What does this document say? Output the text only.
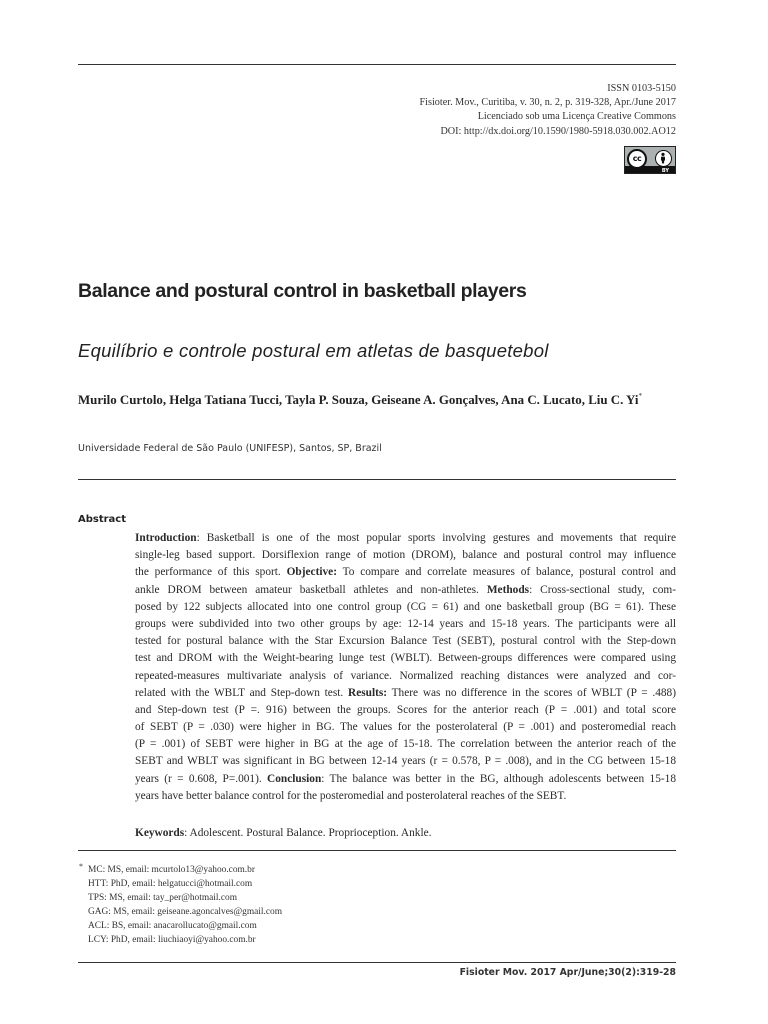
ISSN 0103-5150
Fisioter. Mov., Curitiba, v. 30, n. 2, p. 319-328, Apr./June 2017
Licenciado sob uma Licença Creative Commons
DOI: http://dx.doi.org/10.1590/1980-5918.030.002.AO12
BY
cc
Balance and postural control in basketball players
Equilíbrio e controle postural em atletas de basquetebol
Murilo Curtolo, Helga Tatiana Tucci, Tayla P. Souza, Geiseane A. Gonçalves, Ana C. Lucato, Liu C. Yi*
Universidade Federal de São Paulo (UNIFESP), Santos, SP, Brazil
Abstract
Introduction: Basketball is one of the most popular sports involving gestures and movements that require
single-leg based support. Dorsiflexion range of motion (DROM), balance and postural control may influence
the performance of this sport. Objective: To compare and correlate measures of balance, postural control and
ankle DROM between amateur basketball athletes and non-athletes. Methods: Cross-sectional study, com-
posed by 122 subjects allocated into one control group (CG = 61) and one basketball group (BG = 61). These
groups were subdivided into two other groups by age: 12-14 years and 15-18 years. The participants were all
tested for postural balance with the Star Excursion Balance Test (SEBT), postural control with the Step-down
test and DROM with the Weight-bearing lunge test (WBLT). Between-groups differences were compared using
repeated-measures multivariate analysis of variance. Normalized reaching distances were analyzed and cor-
related with the WBLT and Step-down test. Results: There was no difference in the scores of WBLT (P = .488)
and Step-down test (P =. 916) between the groups. Scores for the anterior reach (P = .001) and total score
of SEBT (P = .030) were higher in BG. The values for the posterolateral (P = .001) and posteromedial reach
(P = .001) of SEBT were higher in BG at the age of 15-18. The correlation between the anterior reach of the
SEBT and WBLT was significant in BG between 12-14 years (r = 0.578, P = .008), and in the CG between 15-18
years (r = 0.608, P=.001). Conclusion: The balance was better in the BG, although adolescents between 15-18
years have better balance control for the posteromedial and posterolateral reaches of the SEBT.
Keywords: Adolescent. Postural Balance. Proprioception. Ankle.
* MC: MS, email: mcurtolo13@yahoo.com.br
HTT: PhD, email: helgatucci@hotmail.com
TPS: MS, email: tay_per@hotmail.com
GAG: MS, email: geiseane.agoncalves@gmail.com
ACL: BS, email: anacarollucato@gmail.com
LCY: PhD, email: liuchiaoyi@yahoo.com.br
Fisioter Mov. 2017 Apr/June;30(2):319-28
